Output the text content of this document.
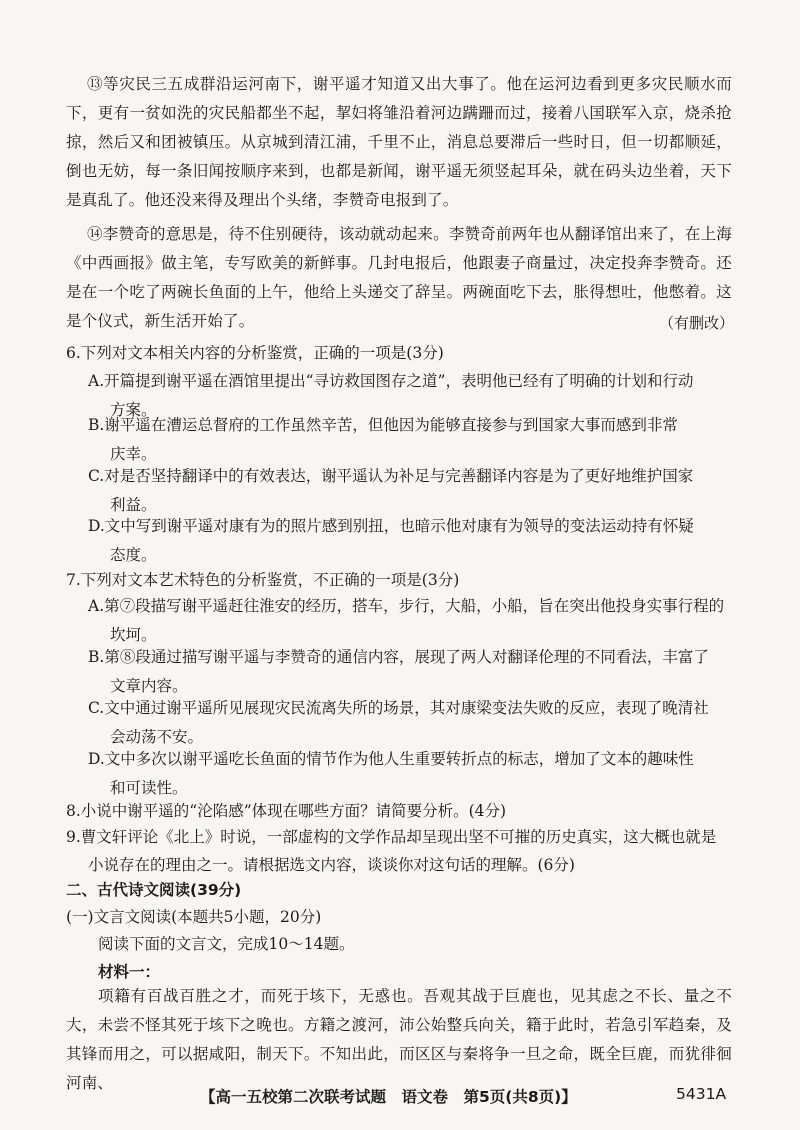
⑬等灾民三五成群沿运河南下，谢平遥才知道又出大事了。他在运河边看到更多灾民顺水而下，更有一贫如洗的灾民船都坐不起，挈妇将雏沿着河边蹒跚而过，接着八国联军入京，烧杀抢掠，然后又和团被镇压。从京城到清江浦，千里不止，消息总要滞后一些时日，但一切都顺延，倒也无妨，每一条旧闻按顺序来到，也都是新闻，谢平遥无须竖起耳朵，就在码头边坐着，天下是真乱了。他还没来得及理出个头绪，李赞奇电报到了。
⑭李赞奇的意思是，待不住别硬待，该动就动起来。李赞奇前两年也从翻译馆出来了，在上海《中西画报》做主笔，专写欧美的新鲜事。几封电报后，他跟妻子商量过，决定投奔李赞奇。还是在一个吃了两碗长鱼面的上午，他给上头递交了辞呈。两碗面吃下去，胀得想吐，他憋着。这是个仪式，新生活开始了。	（有删改）
6.下列对文本相关内容的分析鉴赏，正确的一项是(3分)
A.开篇提到谢平遥在酒馆里提出“寻访救国图存之道”，表明他已经有了明确的计划和行动
方案。
B.谢平遥在漕运总督府的工作虽然辛苦，但他因为能够直接参与到国家大事而感到非常
庆幸。
C.对是否坚持翻译中的有效表达，谢平遥认为补足与完善翻译内容是为了更好地维护国家
利益。
D.文中写到谢平遥对康有为的照片感到别扭，也暗示他对康有为领导的变法运动持有怀疑
态度。
7.下列对文本艺术特色的分析鉴赏，不正确的一项是(3分)
A.第⑦段描写谢平遥赶往淮安的经历，搭车，步行，大船，小船，旨在突出他投身实事行程的
坎坷。
B.第⑧段通过描写谢平遥与李赞奇的通信内容，展现了两人对翻译伦理的不同看法，丰富了
文章内容。
C.文中通过谢平遥所见展现灾民流离失所的场景，其对康梁变法失败的反应，表现了晚清社
会动荡不安。
D.文中多次以谢平遥吃长鱼面的情节作为他人生重要转折点的标志，增加了文本的趣味性
和可读性。
8.小说中谢平遥的“沦陷感”体现在哪些方面？请简要分析。(4分)
9.曹文轩评论《北上》时说，一部虚构的文学作品却呈现出坚不可摧的历史真实，这大概也就是
小说存在的理由之一。请根据选文内容，谈谈你对这句话的理解。(6分)
二、古代诗文阅读(39分)
(一)文言文阅读(本题共5小题，20分)
阅读下面的文言文，完成10～14题。
材料一：
项籍有百战百胜之才，而死于垓下，无惑也。吾观其战于巨鹿也，见其虑之不长、量之不大，未尝不怪其死于垓下之晚也。方籍之渡河，沛公始整兵向关，籍于此时，若急引军趋秦，及其锋而用之，可以据咸阳，制天下。不知出此，而区区与秦将争一旦之命，既全巨鹿，而犹徘徊河南、
【高一五校第二次联考试题　语文卷　第5页(共8页)】	5431A
